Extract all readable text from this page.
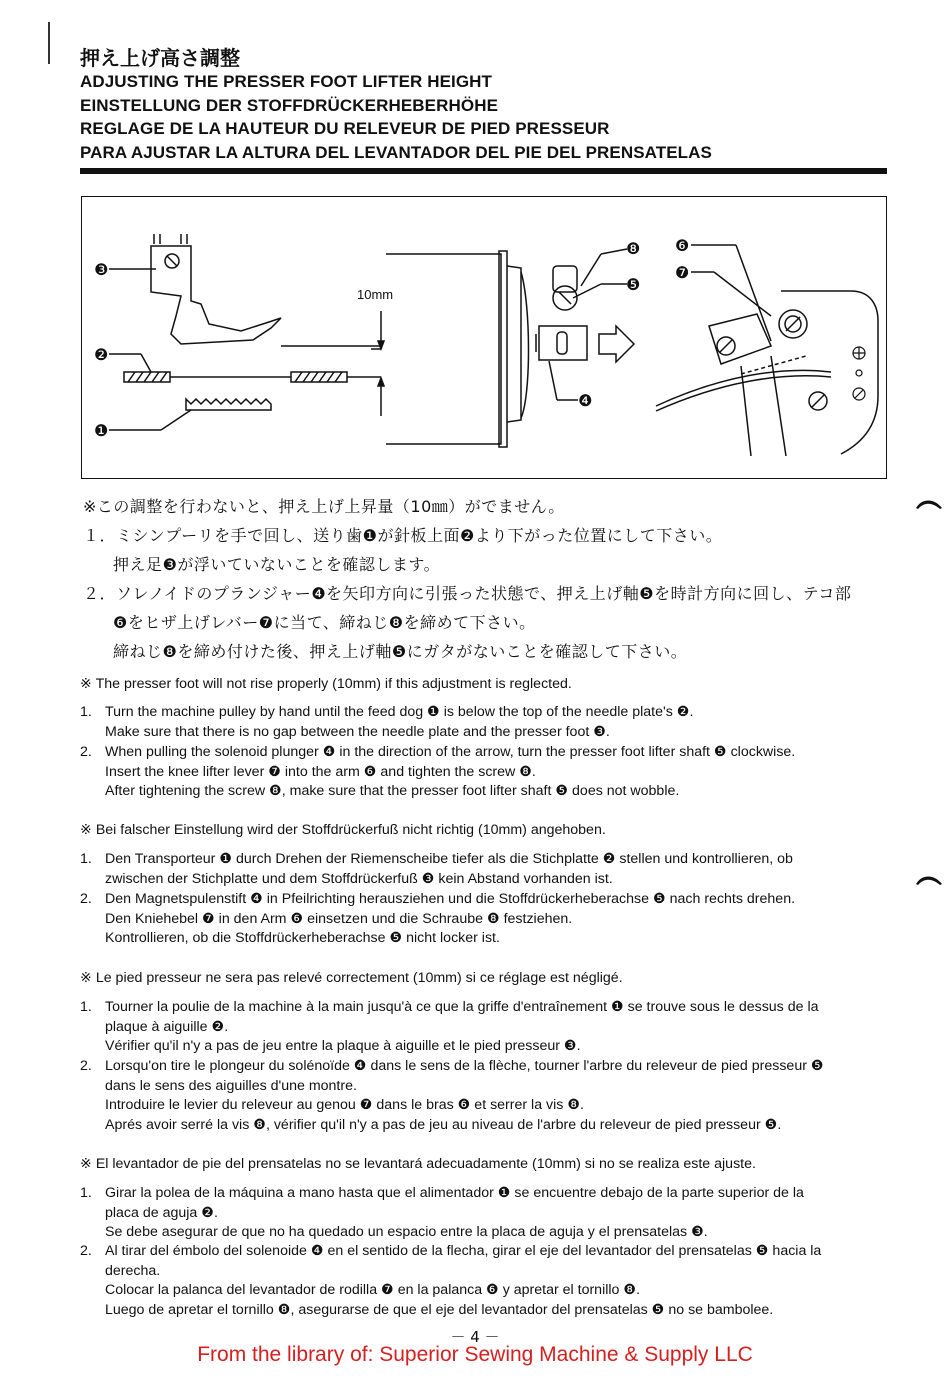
押え上げ高さ調整

ADJUSTING THE PRESSER FOOT LIFTER HEIGHT

EINSTELLUNG DER STOFFDRÜCKERHEBERHÖHE

REGLAGE DE LA HAUTEUR DU RELEVEUR DE PIED PRESSEUR

PARA AJUSTAR LA ALTURA DEL LEVANTADOR DEL PIE DEL PRENSATELAS

10mm
❸
❷
❶
❽
❺
❹
❻
❼

※この調整を行わないと、押え上げ上昇量（10㎜）がでません。

１．ミシンプーリを手で回し、送り歯❶が針板上面❷より下がった位置にして下さい。

押え足❸が浮いていないことを確認します。

２．ソレノイドのプランジャー❹を矢印方向に引張った状態で、押え上げ軸❺を時計方向に回し、テコ部

❻をヒザ上げレバー❼に当て、締ねじ❽を締めて下さい。

締ねじ❽を締め付けた後、押え上げ軸❺にガタがないことを確認して下さい。

※ The presser foot will not rise properly (10mm) if this adjustment is reglected.
1. Turn the machine pulley by hand until the feed dog ❶ is below the top of the needle plate's ❷.
Make sure that there is no gap between the needle plate and the presser foot ❸.
2. When pulling the solenoid plunger ❹ in the direction of the arrow, turn the presser foot lifter shaft ❺ clockwise.
Insert the knee lifter lever ❼ into the arm ❻ and tighten the screw ❽.
After tightening the screw ❽, make sure that the presser foot lifter shaft ❺ does not wobble.
※ Bei falscher Einstellung wird der Stoffdrückerfuß nicht richtig (10mm) angehoben.
1. Den Transporteur ❶ durch Drehen der Riemenscheibe tiefer als die Stichplatte ❷ stellen und kontrollieren, ob
zwischen der Stichplatte und dem Stoffdrückerfuß ❸ kein Abstand vorhanden ist.
2. Den Magnetspulenstift ❹ in Pfeilrichting herausziehen und die Stoffdrückerheberachse ❺ nach rechts drehen.
Den Kniehebel ❼ in den Arm ❻ einsetzen und die Schraube ❽ festziehen.
Kontrollieren, ob die Stoffdrückerheberachse ❺ nicht locker ist.
※ Le pied presseur ne sera pas relevé correctement (10mm) si ce réglage est négligé.
1. Tourner la poulie de la machine à la main jusqu'à ce que la griffe d'entraînement ❶ se trouve sous le dessus de la
plaque à aiguille ❷.
Vérifier qu'il n'y a pas de jeu entre la plaque à aiguille et le pied presseur ❸.
2. Lorsqu'on tire le plongeur du solénoïde ❹ dans le sens de la flèche, tourner l'arbre du releveur de pied presseur ❺
dans le sens des aiguilles d'une montre.
Introduire le levier du releveur au genou ❼ dans le bras ❻ et serrer la vis ❽.
Aprés avoir serré la vis ❽, vérifier qu'il n'y a pas de jeu au niveau de l'arbre du releveur de pied presseur ❺.
※ El levantador de pie del prensatelas no se levantará adecuadamente (10mm) si no se realiza este ajuste.
1. Girar la polea de la máquina a mano hasta que el alimentador ❶ se encuentre debajo de la parte superior de la
placa de aguja ❷.
Se debe asegurar de que no ha quedado un espacio entre la placa de aguja y el prensatelas ❸.
2. Al tirar del émbolo del solenoide ❹ en el sentido de la flecha, girar el eje del levantador del prensatelas ❺ hacia la
derecha.
Colocar la palanca del levantador de rodilla ❼ en la palanca ❻ y apretar el tornillo ❽.
Luego de apretar el tornillo ❽, asegurarse de que el eje del levantador del prensatelas ❺ no se bambolee.
－ 4 －
From the library of: Superior Sewing Machine & Supply LLC
